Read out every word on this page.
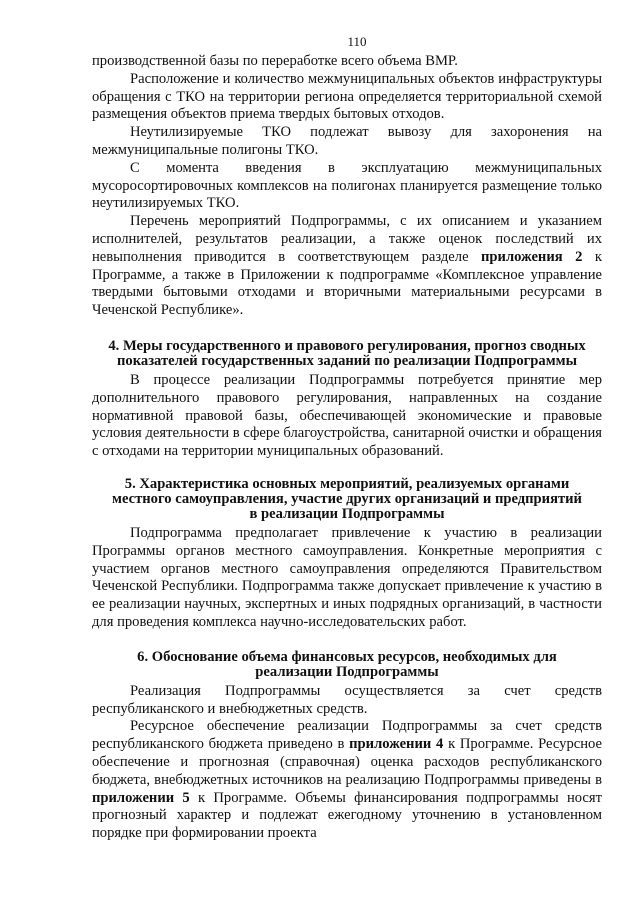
110

производственной базы по переработке всего объема ВМР.

Расположение и количество межмуниципальных объектов инфраструктуры обращения с ТКО на территории региона определяется территориальной схемой размещения объектов приема твердых бытовых отходов.

Неутилизируемые ТКО подлежат вывозу для захоронения на межмуниципальные полигоны ТКО.

С моментa введения в эксплуатацию межмуниципальных мусоросортировочных комплексов на полигонах планируется размещение только неутилизируемых ТКО.

Перечень мероприятий Подпрограммы, с их описанием и указанием исполнителей, результатов реализации, а также оценок последствий их невыполнения приводится в соответствующем разделе приложения 2 к Программе, а также в Приложении к подпрограмме «Комплексное управление твердыми бытовыми отходами и вторичными материальными ресурсами в Чеченской Республике».

4. Меры государственного и правового регулирования, прогноз сводных
показателей государственных заданий по реализации Подпрограммы

В процессе реализации Подпрограммы потребуется принятие мер дополнительного правового регулирования, направленных на создание нормативной правовой базы, обеспечивающей экономические и правовые условия деятельности в сфере благоустройства, санитарной очистки и обращения с отходами на территории муниципальных образований.

5. Характеристика основных мероприятий, реализуемых органами
местного самоуправления, участие других организаций и предприятий
в реализации Подпрограммы

Подпрограмма предполагает привлечение к участию в реализации Программы органов местного самоуправления. Конкретные мероприятия с участием органов местного самоуправления определяются Правительством Чеченской Республики. Подпрограмма также допускает привлечение к участию в ее реализации научных, экспертных и иных подрядных организаций, в частности для проведения комплекса научно-исследовательских работ.

6. Обоснование объема финансовых ресурсов, необходимых для
реализации Подпрограммы

Реализация Подпрограммы осуществляется за счет средств республиканского и внебюджетных средств.

Ресурсное обеспечение реализации Подпрограммы за счет средств республиканского бюджета приведено в приложении 4 к Программе. Ресурсное обеспечение и прогнозная (справочная) оценка расходов республиканского бюджета, внебюджетных источников на реализацию Подпрограммы приведены в приложении 5 к Программе. Объемы финансирования подпрограммы носят прогнозный характер и подлежат ежегодному уточнению в установленном порядке при формировании проекта
